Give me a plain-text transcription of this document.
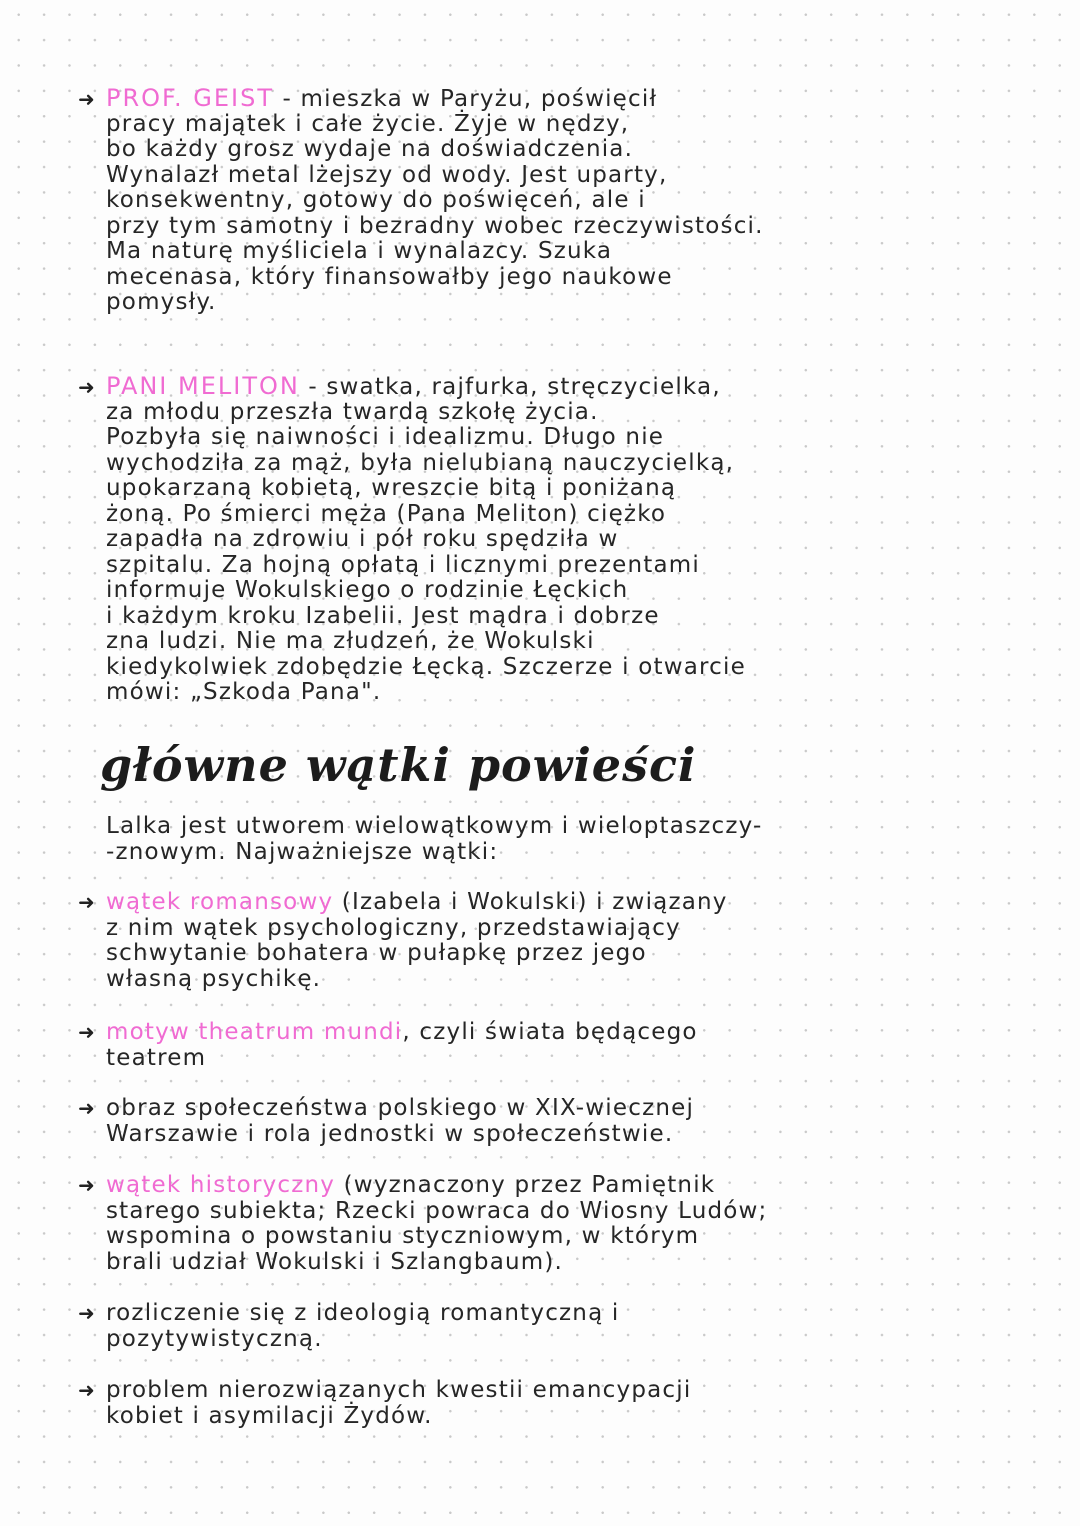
➜ PROF. GEIST - mieszka w Paryżu, poświęcił
pracy majątek i całe życie. Żyje w nędzy,
bo każdy grosz wydaje na doświadczenia.
Wynalazł metal lżejszy od wody. Jest uparty,
konsekwentny, gotowy do poświęceń, ale i
przy tym samotny i bezradny wobec rzeczywistości.
Ma naturę myśliciela i wynalazcy. Szuka
mecenasa, który finansowałby jego naukowe
pomysły.
➜ PANI MELITON - swatka, rajfurka, stręczycielka,
za młodu przeszła twardą szkołę życia.
Pozbyła się naiwności i idealizmu. Długo nie
wychodziła za mąż, była nielubianą nauczycielką,
upokarzaną kobietą, wreszcie bitą i poniżaną
żoną. Po śmierci męża (Pana Meliton) ciężko
zapadła na zdrowiu i pół roku spędziła w
szpitalu. Za hojną opłatą i licznymi prezentami
informuje Wokulskiego o rodzinie Łęckich
i każdym kroku Izabelii. Jest mądra i dobrze
zna ludzi. Nie ma złudzeń, że Wokulski
kiedykolwiek zdobędzie Łęcką. Szczerze i otwarcie
mówi: „Szkoda Pana".
główne wątki powieści
Lalka jest utworem wielowątkowym i wieloptaszczy-
-znowym. Najważniejsze wątki:
➜ wątek romansowy (Izabela i Wokulski) i związany
z nim wątek psychologiczny, przedstawiający
schwytanie bohatera w pułapkę przez jego
własną psychikę.
➜ motyw theatrum mundi, czyli świata będącego
teatrem
➜ obraz społeczeństwa polskiego w XIX-wiecznej
Warszawie i rola jednostki w społeczeństwie.
➜ wątek historyczny (wyznaczony przez Pamiętnik
starego subiekta; Rzecki powraca do Wiosny Ludów;
wspomina o powstaniu styczniowym, w którym
brali udział Wokulski i Szlangbaum).
➜ rozliczenie się z ideologią romantyczną i
pozytywistyczną.
➜ problem nierozwiązanych kwestii emancypacji
kobiet i asymilacji Żydów.
